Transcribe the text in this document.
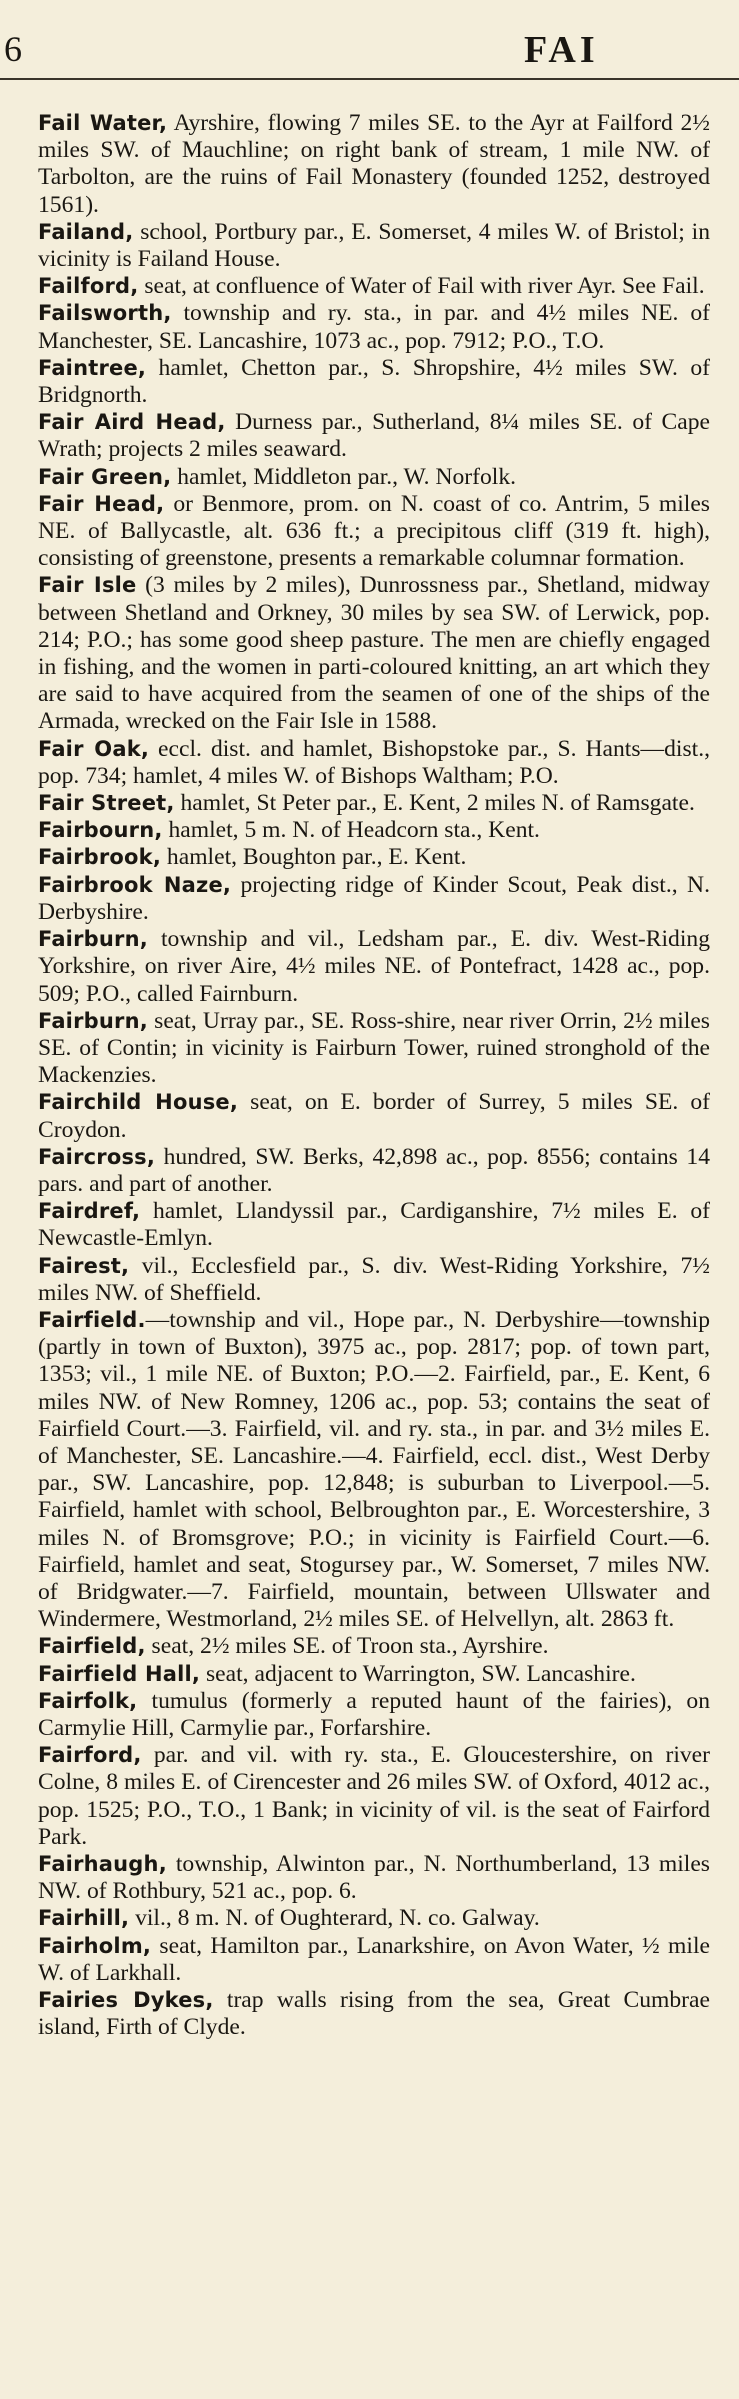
6	FAI

Fail Water, Ayrshire, flowing 7 miles SE. to the Ayr at Failford 2½ miles SW. of Mauchline; on right bank of stream, 1 mile NW. of Tarbolton, are the ruins of Fail Monastery (founded 1252, destroyed 1561).

Failand, school, Portbury par., E. Somerset, 4 miles W. of Bristol; in vicinity is Failand House.

Failford, seat, at confluence of Water of Fail with river Ayr. See Fail.

Failsworth, township and ry. sta., in par. and 4½ miles NE. of Manchester, SE. Lancashire, 1073 ac., pop. 7912; P.O., T.O.

Faintree, hamlet, Chetton par., S. Shropshire, 4½ miles SW. of Bridgnorth.

Fair Aird Head, Durness par., Sutherland, 8¼ miles SE. of Cape Wrath; projects 2 miles seaward.

Fair Green, hamlet, Middleton par., W. Norfolk.

Fair Head, or Benmore, prom. on N. coast of co. Antrim, 5 miles NE. of Ballycastle, alt. 636 ft.; a precipitous cliff (319 ft. high), consisting of greenstone, presents a remarkable columnar formation.

Fair Isle (3 miles by 2 miles), Dunrossness par., Shetland, midway between Shetland and Orkney, 30 miles by sea SW. of Lerwick, pop. 214; P.O.; has some good sheep pasture. The men are chiefly engaged in fishing, and the women in parti-coloured knitting, an art which they are said to have acquired from the seamen of one of the ships of the Armada, wrecked on the Fair Isle in 1588.

Fair Oak, eccl. dist. and hamlet, Bishopstoke par., S. Hants—dist., pop. 734; hamlet, 4 miles W. of Bishops Waltham; P.O.

Fair Street, hamlet, St Peter par., E. Kent, 2 miles N. of Ramsgate.

Fairbourn, hamlet, 5 m. N. of Headcorn sta., Kent.

Fairbrook, hamlet, Boughton par., E. Kent.

Fairbrook Naze, projecting ridge of Kinder Scout, Peak dist., N. Derbyshire.

Fairburn, township and vil., Ledsham par., E. div. West-Riding Yorkshire, on river Aire, 4½ miles NE. of Pontefract, 1428 ac., pop. 509; P.O., called Fairnburn.

Fairburn, seat, Urray par., SE. Ross-shire, near river Orrin, 2½ miles SE. of Contin; in vicinity is Fairburn Tower, ruined stronghold of the Mackenzies.

Fairchild House, seat, on E. border of Surrey, 5 miles SE. of Croydon.

Faircross, hundred, SW. Berks, 42,898 ac., pop. 8556; contains 14 pars. and part of another.

Fairdref, hamlet, Llandyssil par., Cardiganshire, 7½ miles E. of Newcastle-Emlyn.

Fairest, vil., Ecclesfield par., S. div. West-Riding Yorkshire, 7½ miles NW. of Sheffield.

Fairfield.—township and vil., Hope par., N. Derbyshire—township (partly in town of Buxton), 3975 ac., pop. 2817; pop. of town part, 1353; vil., 1 mile NE. of Buxton; P.O.—2. Fairfield, par., E. Kent, 6 miles NW. of New Romney, 1206 ac., pop. 53; contains the seat of Fairfield Court.—3. Fairfield, vil. and ry. sta., in par. and 3½ miles E. of Manchester, SE. Lancashire.—4. Fairfield, eccl. dist., West Derby par., SW. Lancashire, pop. 12,848; is suburban to Liverpool.—5. Fairfield, hamlet with school, Belbroughton par., E. Worcestershire, 3 miles N. of Bromsgrove; P.O.; in vicinity is Fairfield Court.—6. Fairfield, hamlet and seat, Stogursey par., W. Somerset, 7 miles NW. of Bridgwater.—7. Fairfield, mountain, between Ullswater and Windermere, Westmorland, 2½ miles SE. of Helvellyn, alt. 2863 ft.

Fairfield, seat, 2½ miles SE. of Troon sta., Ayrshire.

Fairfield Hall, seat, adjacent to Warrington, SW. Lancashire.

Fairfolk, tumulus (formerly a reputed haunt of the fairies), on Carmylie Hill, Carmylie par., Forfarshire.

Fairford, par. and vil. with ry. sta., E. Gloucestershire, on river Colne, 8 miles E. of Cirencester and 26 miles SW. of Oxford, 4012 ac., pop. 1525; P.O., T.O., 1 Bank; in vicinity of vil. is the seat of Fairford Park.

Fairhaugh, township, Alwinton par., N. Northumberland, 13 miles NW. of Rothbury, 521 ac., pop. 6.

Fairhill, vil., 8 m. N. of Oughterard, N. co. Galway.

Fairholm, seat, Hamilton par., Lanarkshire, on Avon Water, ½ mile W. of Larkhall.

Fairies Dykes, trap walls rising from the sea, Great Cumbrae island, Firth of Clyde.
